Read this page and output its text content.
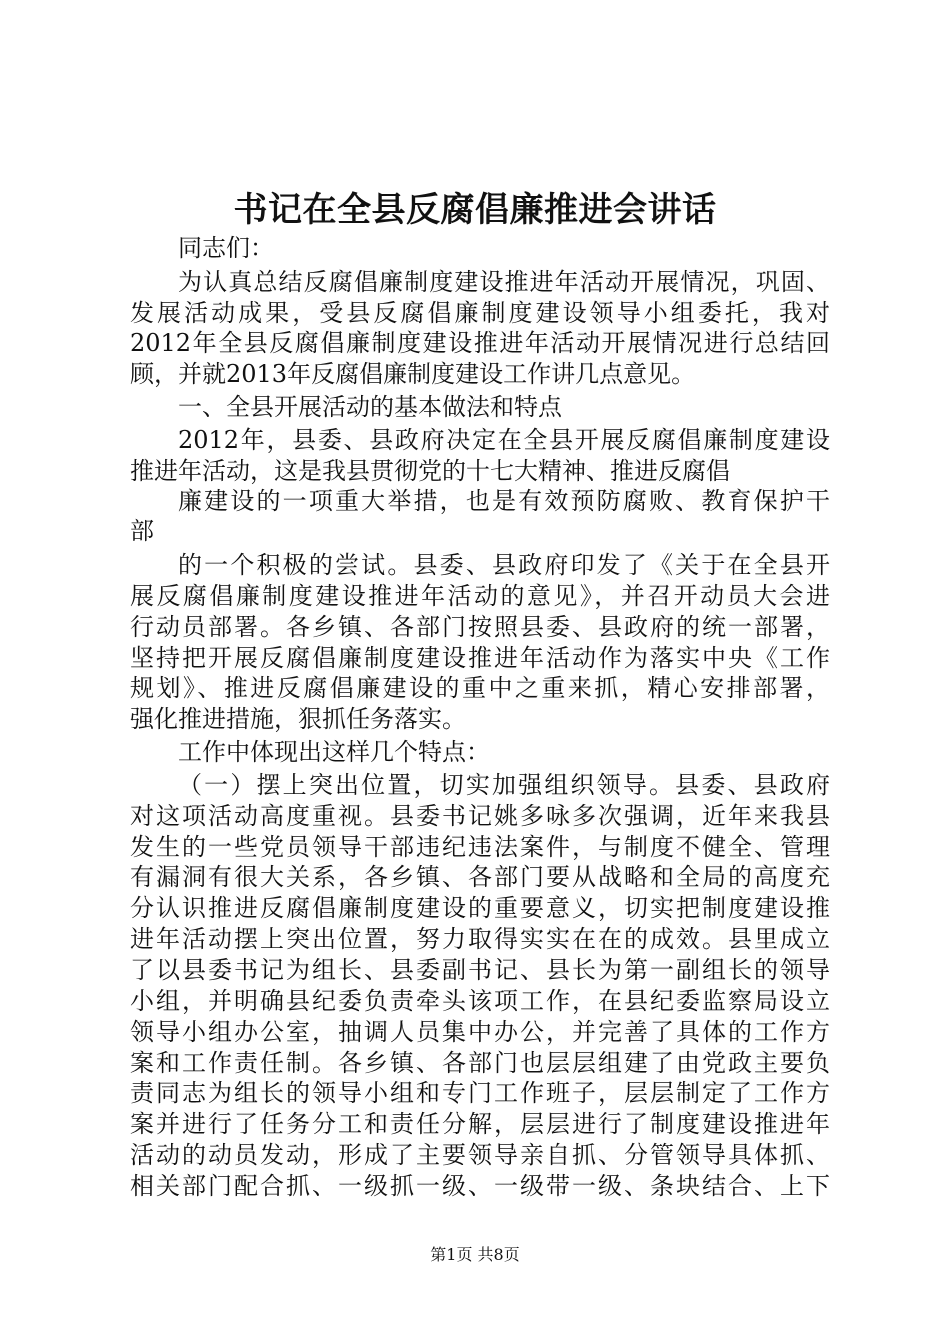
书记在全县反腐倡廉推进会讲话
同志们：
为认真总结反腐倡廉制度建设推进年活动开展情况，巩固、
发展活动成果，受县反腐倡廉制度建设领导小组委托，我对
2012年全县反腐倡廉制度建设推进年活动开展情况进行总结回
顾，并就2013年反腐倡廉制度建设工作讲几点意见。
一、全县开展活动的基本做法和特点
2012年，县委、县政府决定在全县开展反腐倡廉制度建设
推进年活动，这是我县贯彻党的十七大精神、推进反腐倡
廉建设的一项重大举措，也是有效预防腐败、教育保护干
部
的一个积极的尝试。县委、县政府印发了《关于在全县开
展反腐倡廉制度建设推进年活动的意见》，并召开动员大会进
行动员部署。各乡镇、各部门按照县委、县政府的统一部署，
坚持把开展反腐倡廉制度建设推进年活动作为落实中央《工作
规划》、推进反腐倡廉建设的重中之重来抓，精心安排部署，
强化推进措施，狠抓任务落实。
工作中体现出这样几个特点：
（一）摆上突出位置，切实加强组织领导。县委、县政府
对这项活动高度重视。县委书记姚多咏多次强调，近年来我县
发生的一些党员领导干部违纪违法案件，与制度不健全、管理
有漏洞有很大关系，各乡镇、各部门要从战略和全局的高度充
分认识推进反腐倡廉制度建设的重要意义，切实把制度建设推
进年活动摆上突出位置，努力取得实实在在的成效。县里成立
了以县委书记为组长、县委副书记、县长为第一副组长的领导
小组，并明确县纪委负责牵头该项工作，在县纪委监察局设立
领导小组办公室，抽调人员集中办公，并完善了具体的工作方
案和工作责任制。各乡镇、各部门也层层组建了由党政主要负
责同志为组长的领导小组和专门工作班子，层层制定了工作方
案并进行了任务分工和责任分解，层层进行了制度建设推进年
活动的动员发动，形成了主要领导亲自抓、分管领导具体抓、
相关部门配合抓、一级抓一级、一级带一级、条块结合、上下
第1页 共8页
